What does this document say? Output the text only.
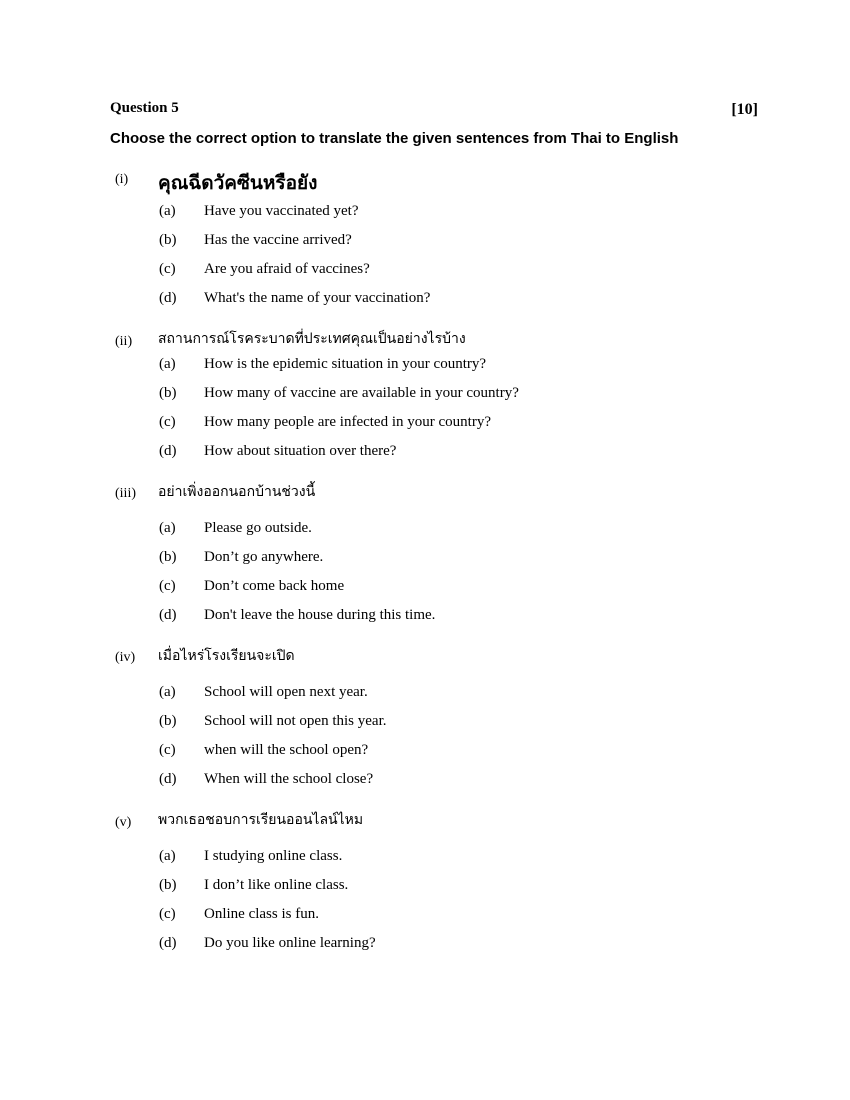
Question 5	[10]
Choose the correct option to translate the given sentences from Thai to English
(i) คุณฉีดวัคซีนหรือยัง
(a) Have you vaccinated yet?
(b) Has the vaccine arrived?
(c) Are you afraid of vaccines?
(d) What's the name of your vaccination?
(ii) สถานการณ์โรคระบาดที่ประเทศคุณเป็นอย่างไรบ้าง
(a) How is the epidemic situation in your country?
(b) How many of vaccine are available in your country?
(c) How many people are infected in your country?
(d) How about situation over there?
(iii) อย่าเพิ่งออกนอกบ้านช่วงนี้
(a) Please go outside.
(b) Don’t go anywhere.
(c) Don’t come back home
(d) Don't leave the house during this time.
(iv) เมื่อไหร่โรงเรียนจะเปิด
(a) School will open next year.
(b) School will not open this year.
(c) when will the school open?
(d) When will the school close?
(v) พวกเธอชอบการเรียนออนไลน์ไหม
(a) I studying online class.
(b) I don’t like online class.
(c) Online class is fun.
(d) Do you like online learning?
